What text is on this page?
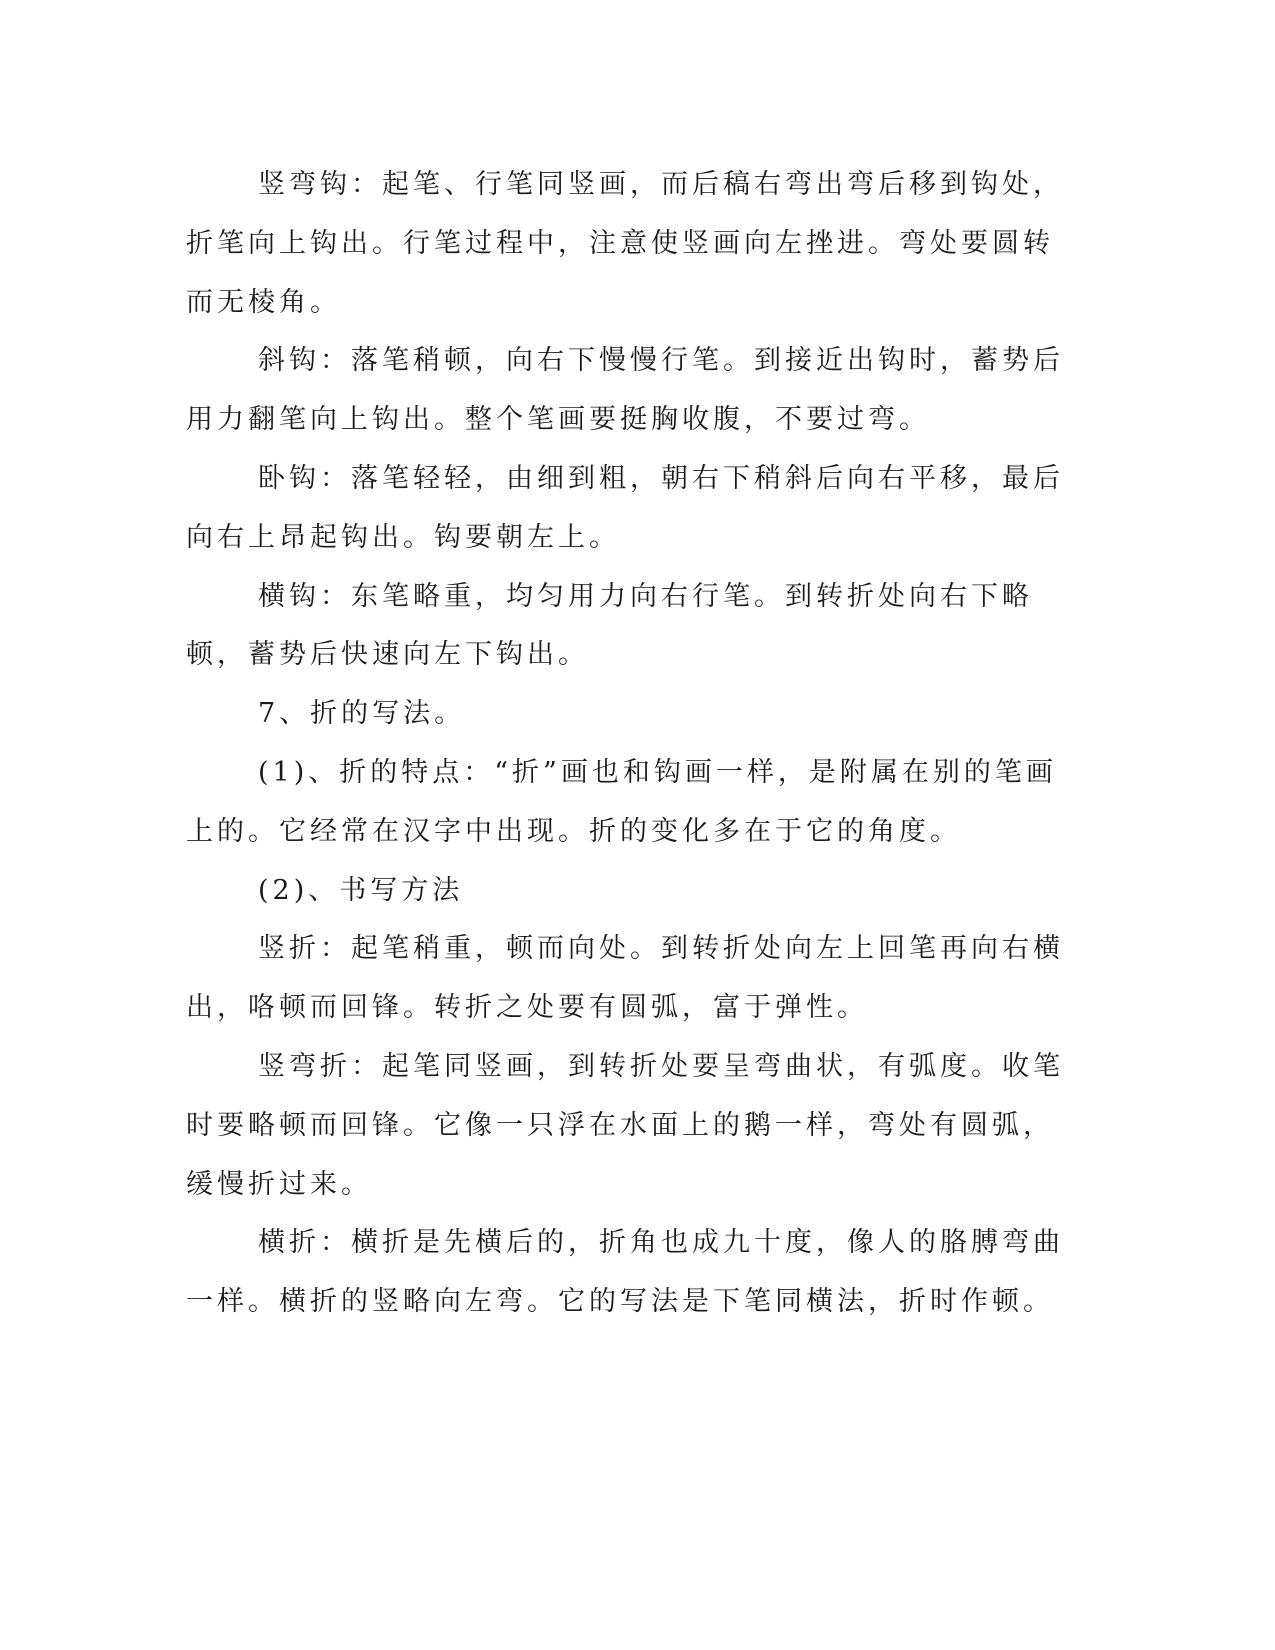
竖弯钩：起笔、行笔同竖画，而后稿右弯出弯后移到钩处，折笔向上钩出。行笔过程中，注意使竖画向左挫进。弯处要圆转而无棱角。

斜钩：落笔稍顿，向右下慢慢行笔。到接近出钩时，蓄势后用力翻笔向上钩出。整个笔画要挺胸收腹，不要过弯。

卧钩：落笔轻轻，由细到粗，朝右下稍斜后向右平移，最后向右上昂起钩出。钩要朝左上。

横钩：东笔略重，均匀用力向右行笔。到转折处向右下略顿，蓄势后快速向左下钩出。

7、折的写法。

(1)、折的特点：“折”画也和钩画一样，是附属在别的笔画上的。它经常在汉字中出现。折的变化多在于它的角度。

(2)、书写方法

竖折：起笔稍重，顿而向处。到转折处向左上回笔再向右横出，咯顿而回锋。转折之处要有圆弧，富于弹性。

竖弯折：起笔同竖画，到转折处要呈弯曲状，有弧度。收笔时要略顿而回锋。它像一只浮在水面上的鹅一样，弯处有圆弧，缓慢折过来。

横折：横折是先横后的，折角也成九十度，像人的胳膊弯曲一样。横折的竖略向左弯。它的写法是下笔同横法，折时作顿。
